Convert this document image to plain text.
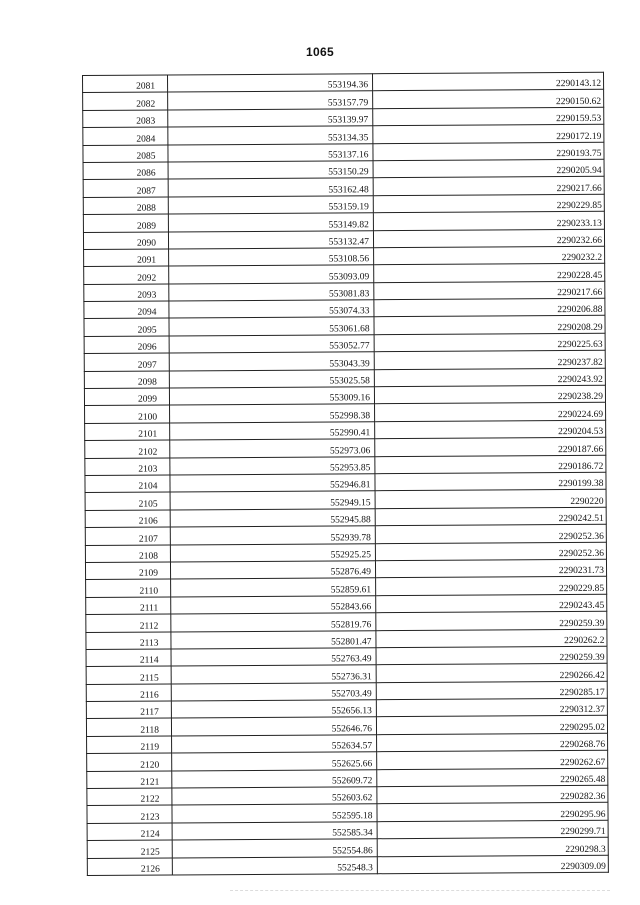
1065
2081	553194.36	2290143.12
2082	553157.79	2290150.62
2083	553139.97	2290159.53
2084	553134.35	2290172.19
2085	553137.16	2290193.75
2086	553150.29	2290205.94
2087	553162.48	2290217.66
2088	553159.19	2290229.85
2089	553149.82	2290233.13
2090	553132.47	2290232.66
2091	553108.56	2290232.2
2092	553093.09	2290228.45
2093	553081.83	2290217.66
2094	553074.33	2290206.88
2095	553061.68	2290208.29
2096	553052.77	2290225.63
2097	553043.39	2290237.82
2098	553025.58	2290243.92
2099	553009.16	2290238.29
2100	552998.38	2290224.69
2101	552990.41	2290204.53
2102	552973.06	2290187.66
2103	552953.85	2290186.72
2104	552946.81	2290199.38
2105	552949.15	2290220
2106	552945.88	2290242.51
2107	552939.78	2290252.36
2108	552925.25	2290252.36
2109	552876.49	2290231.73
2110	552859.61	2290229.85
2111	552843.66	2290243.45
2112	552819.76	2290259.39
2113	552801.47	2290262.2
2114	552763.49	2290259.39
2115	552736.31	2290266.42
2116	552703.49	2290285.17
2117	552656.13	2290312.37
2118	552646.76	2290295.02
2119	552634.57	2290268.76
2120	552625.66	2290262.67
2121	552609.72	2290265.48
2122	552603.62	2290282.36
2123	552595.18	2290295.96
2124	552585.34	2290299.71
2125	552554.86	2290298.3
2126	552548.3	2290309.09
